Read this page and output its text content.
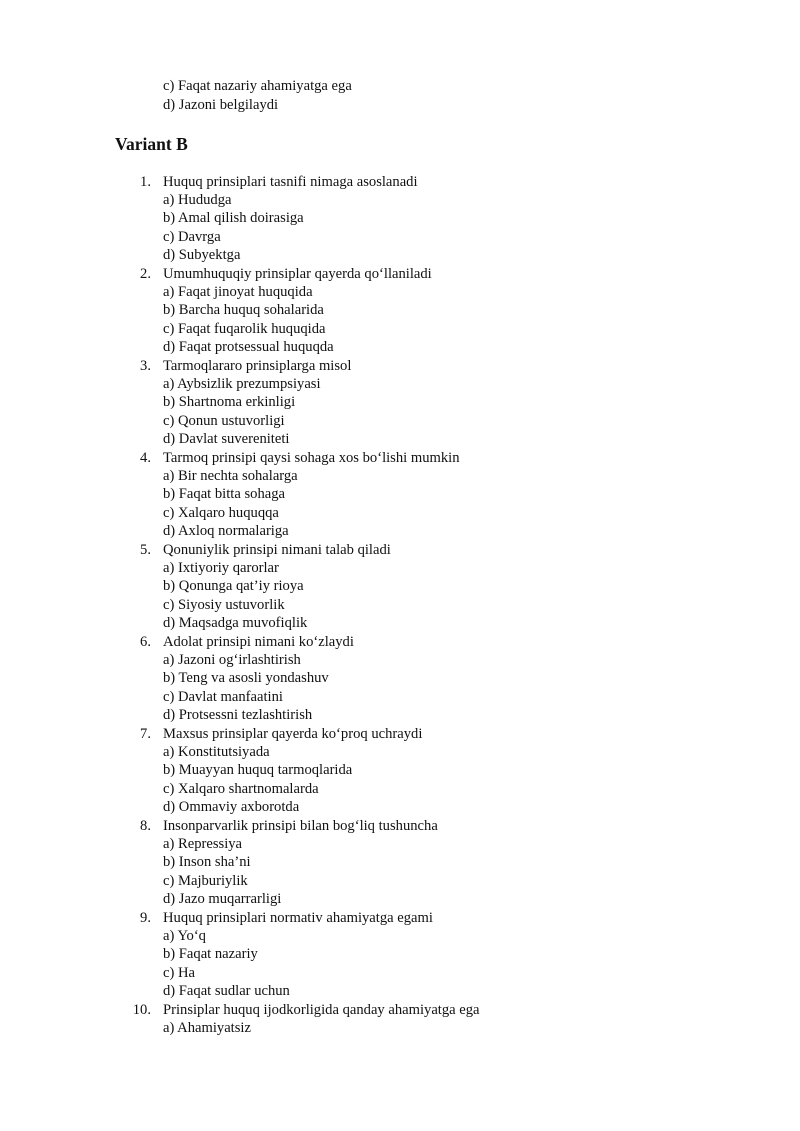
c) Faqat nazariy ahamiyatga ega
d) Jazoni belgilaydi
Variant B
1. Huquq prinsiplari tasnifi nimaga asoslanadi
a) Hududga
b) Amal qilish doirasiga
c) Davrga
d) Subyektga
2. Umumhuquqiy prinsiplar qayerda qo‘llaniladi
a) Faqat jinoyat huquqida
b) Barcha huquq sohalarida
c) Faqat fuqarolik huquqida
d) Faqat protsessual huquqda
3. Tarmoqlararo prinsiplarga misol
a) Aybsizlik prezumpsiyasi
b) Shartnoma erkinligi
c) Qonun ustuvorligi
d) Davlat suvereniteti
4. Tarmoq prinsipi qaysi sohaga xos bo‘lishi mumkin
a) Bir nechta sohalarga
b) Faqat bitta sohaga
c) Xalqaro huquqqa
d) Axloq normalariga
5. Qonuniylik prinsipi nimani talab qiladi
a) Ixtiyoriy qarorlar
b) Qonunga qat’iy rioya
c) Siyosiy ustuvorlik
d) Maqsadga muvofiqlik
6. Adolat prinsipi nimani ko‘zlaydi
a) Jazoni og‘irlashtirish
b) Teng va asosli yondashuv
c) Davlat manfaatini
d) Protsessni tezlashtirish
7. Maxsus prinsiplar qayerda ko‘proq uchraydi
a) Konstitutsiyada
b) Muayyan huquq tarmoqlarida
c) Xalqaro shartnomalarda
d) Ommaviy axborotda
8. Insonparvarlik prinsipi bilan bog‘liq tushuncha
a) Repressiya
b) Inson sha’ni
c) Majburiylik
d) Jazo muqarrarligi
9. Huquq prinsiplari normativ ahamiyatga egami
a) Yo‘q
b) Faqat nazariy
c) Ha
d) Faqat sudlar uchun
10. Prinsiplar huquq ijodkorligida qanday ahamiyatga ega
a) Ahamiyatsiz
